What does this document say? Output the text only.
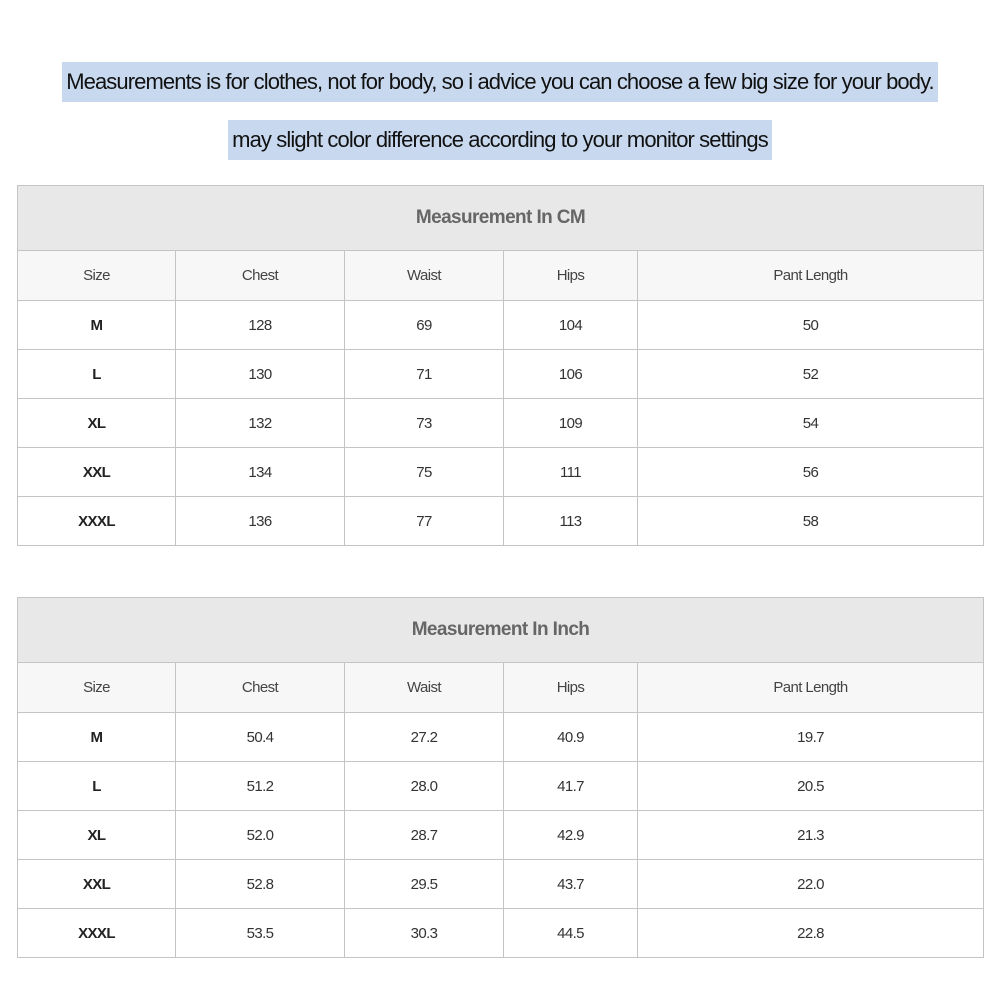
Measurements is for clothes, not for body, so i advice you can choose a few big size for your body.
may slight color difference according to your monitor settings
Measurement In CM				
Size	Chest	Waist	Hips	Pant Length
M	128	69	104	50
L	130	71	106	52
XL	132	73	109	54
XXL	134	75	111	56
XXXL	136	77	113	58
Measurement In Inch				
Size	Chest	Waist	Hips	Pant Length
M	50.4	27.2	40.9	19.7
L	51.2	28.0	41.7	20.5
XL	52.0	28.7	42.9	21.3
XXL	52.8	29.5	43.7	22.0
XXXL	53.5	30.3	44.5	22.8
